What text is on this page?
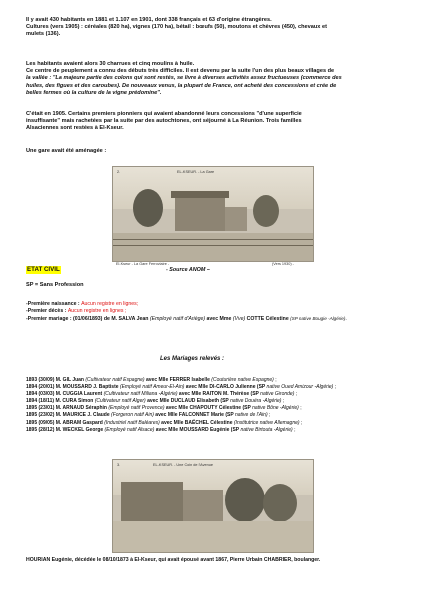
Il y avait 430 habitants en 1881 et 1.107 en 1901, dont 338 français et 63 d'origine étrangères.
Cultures (vers 1905) : céréales (820 ha), vignes (170 ha), bétail : bœufs (50), moutons et chèvres (450), chevaux et
mulets (136).
Les habitants avaient alors 30 charrues et cinq moulins à huile.
Ce centre de peuplement a connu des débuts très difficiles. Il est devenu par la suite l'un des plus beaux villages de
la vallée : "La majeure partie des colons qui sont restés, se livre à diverses activités assez fructueuses (commerce des
huiles, des figues et des caroubes). De nouveaux venus, la plupart de France, ont acheté des concessions et crée de
belles fermes où la culture de la vigne prédomine".
C'était en 1905. Certains premiers pionniers qui avaient abandonné leurs concessions "d'une superficie
insuffisante" mais rachetées par la suite par des autochtones, ont séjourné à La Réunion. Trois familles
Alsaciennes sont restées à El-Kseur.
Une gare avait été aménagée :
2.	EL-KSEUR. - La Gare
El-Kseur - La Gare Ferroviaire -	(Vers 1930) -
ETAT CIVIL	- Source ANOM –
SP = Sans Profession
-Première naissance : Aucun registre en lignes;
-Premier décès : Aucun registre en lignes ;
-Premier mariage : (01/06/1893) de M. SALVA Jean (Employé natif d'Ariège) avec Mme (Vve) COTTE Célestine (SP native Bougie -Algérie).
Les Mariages relevés :
1893 (30/09) M. GIL Juan (Cultivateur natif Espagne) avec Mlle FERRER Isabelle (Couturière native Espagne) ;
1894 (20/01) M. MOUSSARD J. Baptiste (Employé natif Ameur-El-Ain) avec Mlle DI-CARLO Julienne (SP native Oued Amizour -Algérie) ;
1894 (03/03) M. CUGGIA Laurent (Cultivateur natif Miliana -Algérie) avec Mlle RAITON M. Thérèse (SP native Gironde) ;
1894 (18/11) M. CURA Simon (Cultivateur natif Alger) avec Mlle DUCLAUD Elisabeth (SP native Douéra -Algérie) ;
1895 (23/01) M. ARNAUD Séraphin (Employé natif Provence) avec Mlle CHAPOUTY Célestine (SP native Bône -Algérie) ;
1895 (23/02) M. MAURICE J. Claude (Forgeron natif Ain) avec Mlle FALCONNET Marie (SP native de l'Ain) ;
1895 (09/05) M. ABRAM Gaspard (Industriel natif Baléares) avec Mlle BAËCHEL Célestine (Institutrice native Allemagne) ;
1895 (28/12) M. WECKEL George (Employé natif Alsace) avec Mlle MOUSSARD Eugénie (SP native Birtouta -Algérie) ;
3.	EL-KSEUR. - Une Coin de l'Avenue
HOURIAN Eugénie, décédée le 08/10/1873 à El-Kseur, qui avait épousé avant 1867, Pierre Urbain CHABRIER, boulanger.
